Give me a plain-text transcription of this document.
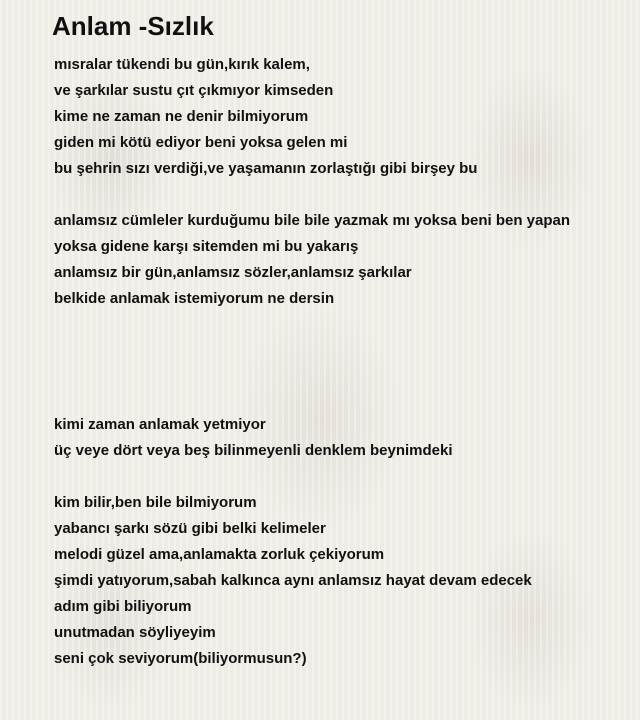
Anlam -Sızlık
mısralar tükendi bu gün,kırık kalem,
ve şarkılar sustu çıt çıkmıyor kimseden
kime ne zaman ne denir bilmiyorum
giden mi kötü ediyor beni yoksa gelen mi
bu şehrin sızı verdiği,ve yaşamanın zorlaştığı gibi birşey bu
anlamsız cümleler kurduğumu bile bile yazmak mı yoksa beni ben yapan
yoksa gidene karşı sitemden mi bu yakarış
anlamsız bir gün,anlamsız sözler,anlamsız şarkılar
belkide anlamak istemiyorum ne dersin
kimi zaman anlamak yetmiyor
üç veye dört veya beş bilinmeyenli denklem beynimdeki
kim bilir,ben bile bilmiyorum
yabancı şarkı sözü gibi belki kelimeler
melodi güzel ama,anlamakta zorluk çekiyorum
şimdi yatıyorum,sabah kalkınca aynı anlamsız hayat devam edecek
adım gibi biliyorum
unutmadan söyliyeyim
seni çok seviyorum(biliyormusun?)
